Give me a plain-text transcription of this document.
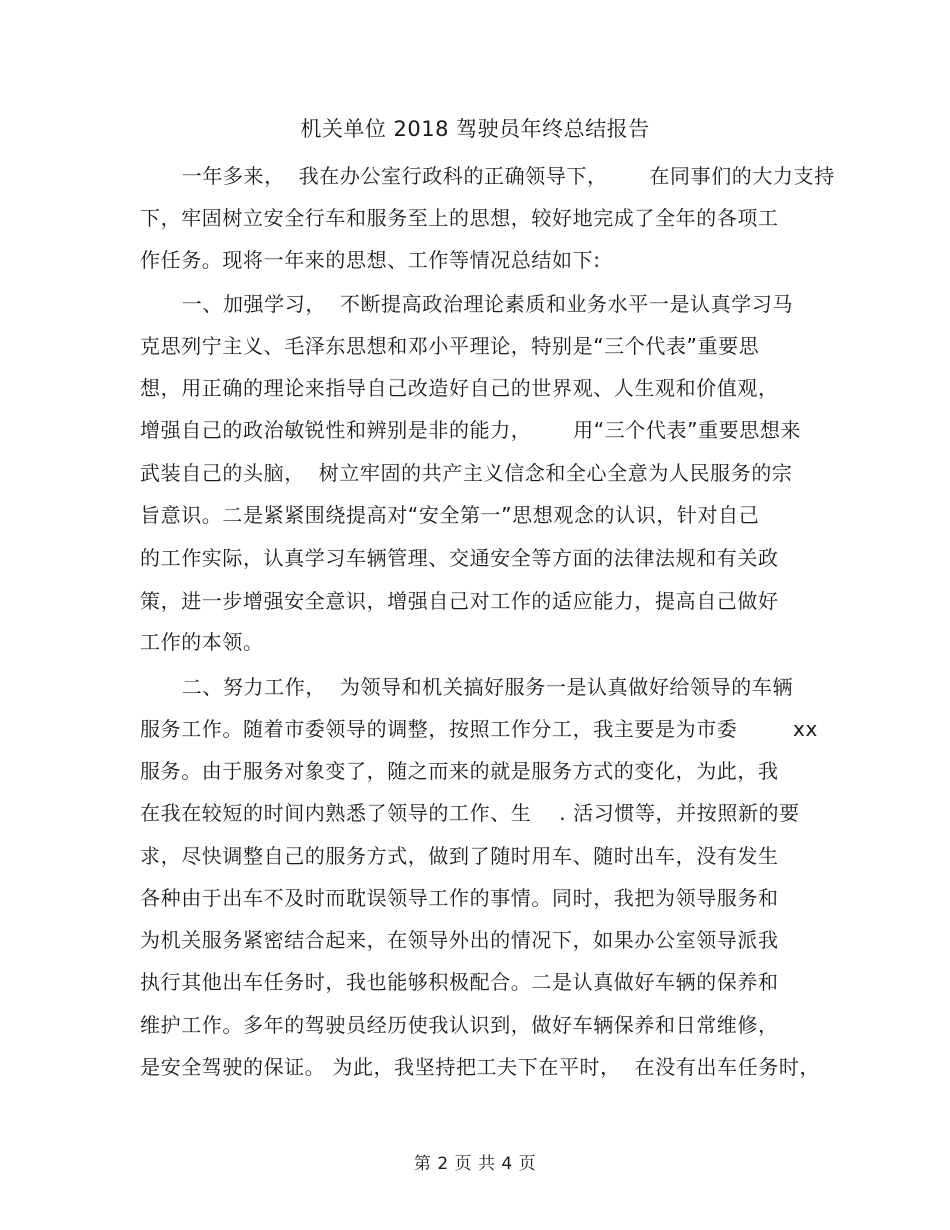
机关单位 2018 驾驶员年终总结报告
一年多来，  我在办公室行政科的正确领导下，      在同事们的大力支持
下，牢固树立安全行车和服务至上的思想，较好地完成了全年的各项工
作任务。现将一年来的思想、工作等情况总结如下:
一、加强学习，  不断提高政治理论素质和业务水平一是认真学习马
克思列宁主义、毛泽东思想和邓小平理论，特别是“三个代表”重要思
想，用正确的理论来指导自己改造好自己的世界观、人生观和价值观，
增强自己的政治敏锐性和辨别是非的能力，      用“三个代表”重要思想来
武装自己的头脑，  树立牢固的共产主义信念和全心全意为人民服务的宗
旨意识。二是紧紧围绕提高对“安全第一”思想观念的认识，针对自己
的工作实际，认真学习车辆管理、交通安全等方面的法律法规和有关政
策，进一步增强安全意识，增强自己对工作的适应能力，提高自己做好
工作的本领。
二、努力工作，  为领导和机关搞好服务一是认真做好给领导的车辆
服务工作。随着市委领导的调整，按照工作分工，我主要是为市委        xx
服务。由于服务对象变了，随之而来的就是服务方式的变化，为此，我
在我在较短的时间内熟悉了领导的工作、生    . 活习惯等，并按照新的要
求，尽快调整自己的服务方式，做到了随时用车、随时出车，没有发生
各种由于出车不及时而耽误领导工作的事情。同时，我把为领导服务和
为机关服务紧密结合起来，在领导外出的情况下，如果办公室领导派我
执行其他出车任务时，我也能够积极配合。二是认真做好车辆的保养和
维护工作。多年的驾驶员经历使我认识到，做好车辆保养和日常维修，
是安全驾驶的保证。 为此，我坚持把工夫下在平时，  在没有出车任务时，
第 2 页 共 4 页
